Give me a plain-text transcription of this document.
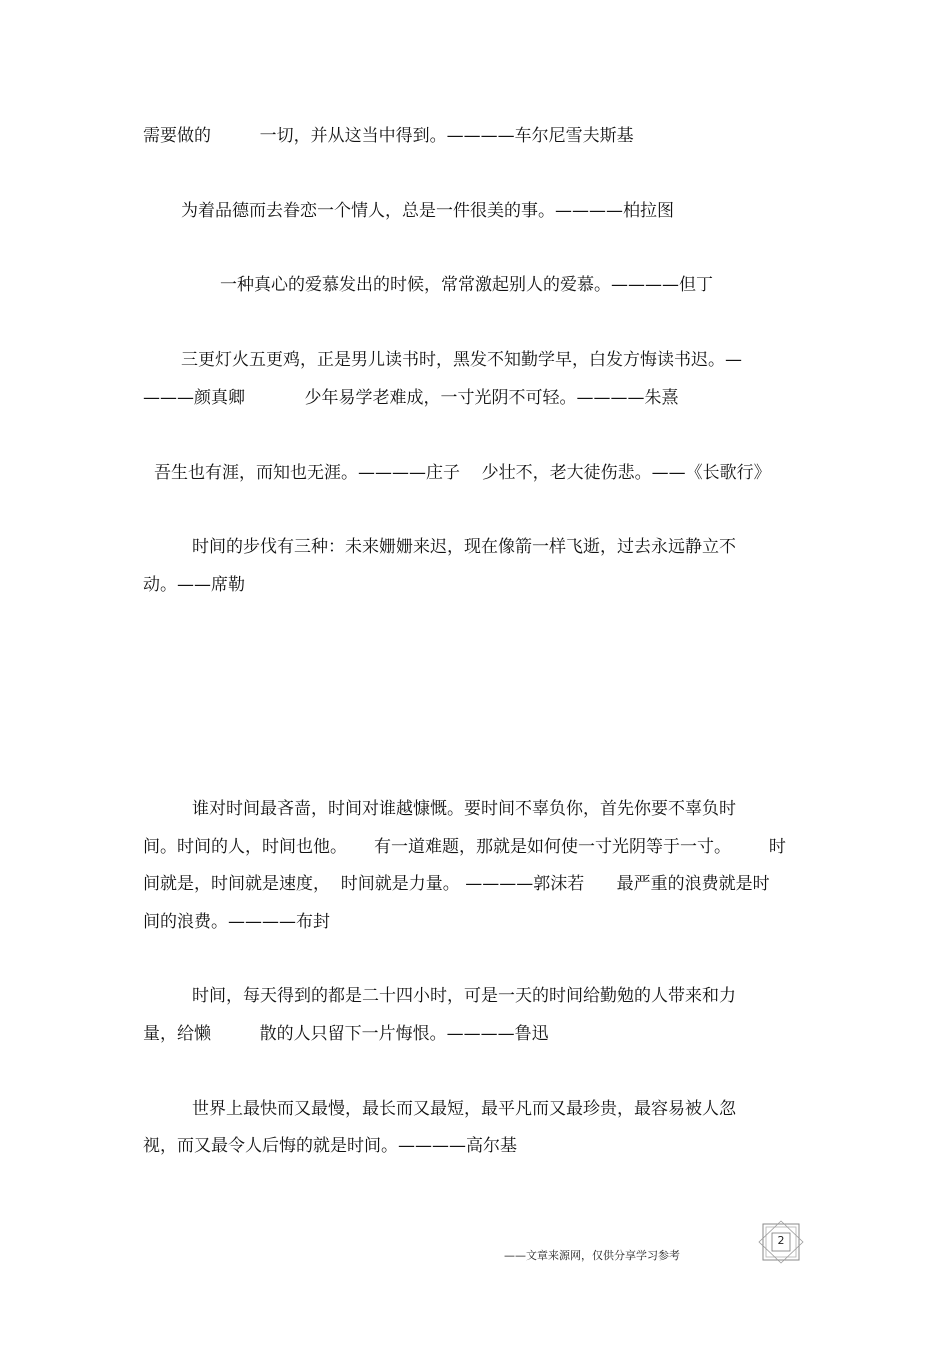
需要做的         一切，并从这当中得到。————车尔尼雪夫斯基
为着品德而去眷恋一个情人，总是一件很美的事。————柏拉图
一种真心的爱慕发出的时候，常常激起别人的爱慕。————但丁
三更灯火五更鸡，正是男儿读书时，黑发不知勤学早，白发方悔读书迟。—
———颜真卿           少年易学老难成，一寸光阴不可轻。————朱熹
吾生也有涯，而知也无涯。————庄子    少壮不，老大徒伤悲。——《长歌行》
时间的步伐有三种：未来姗姗来迟，现在像箭一样飞逝，过去永远静立不
动。——席勒
谁对时间最吝啬，时间对谁越慷慨。要时间不辜负你，首先你要不辜负时
间。时间的人，时间也他。     有一道难题，那就是如何使一寸光阴等于一寸。       时
间就是，时间就是速度，  时间就是力量。 ————郭沫若      最严重的浪费就是时
间的浪费。————布封
时间，每天得到的都是二十四小时，可是一天的时间给勤勉的人带来和力
量，给懒         散的人只留下一片悔恨。————鲁迅
世界上最快而又最慢，最长而又最短，最平凡而又最珍贵，最容易被人忽
视，而又最令人后悔的就是时间。————高尔基
——文章来源网，仅供分享学习参考
2
